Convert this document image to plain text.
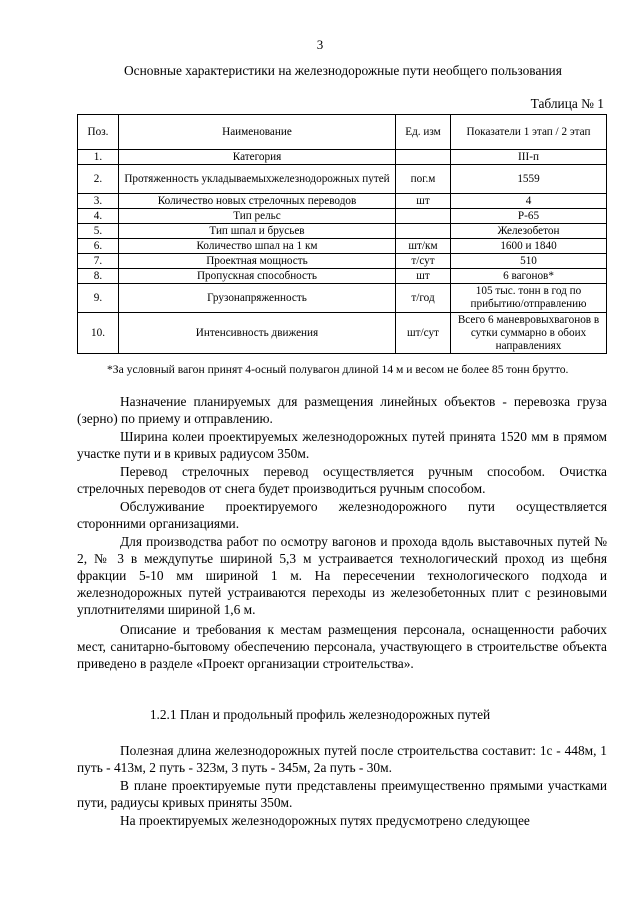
3

Основные характеристики на железнодорожные пути необщего пользования

Таблица № 1
Поз.	Наименование	Ед. изм	Показатели 1 этап / 2 этап
1.	Категория		III-п
2.	Протяженность укладываемыхжелезнодорожных путей	пог.м	1559
3.	Количество новых стрелочных переводов	шт	4
4.	Тип рельс		Р-65
5.	Тип шпал и брусьев		Железобетон
6.	Количество шпал на 1 км	шт/км	1600 и 1840
7.	Проектная мощность	т/сут	510
8.	Пропускная способность	шт	6 вагонов*
9.	Грузонапряженность	т/год	105 тыс. тонн в год по прибытию/отправлению
10.	Интенсивность движения	шт/сут	Всего 6 маневровыхвагонов в сутки суммарно в обоих направлениях

*За условный вагон принят 4-осный полувагон длиной 14 м и весом не более 85 тонн брутто.

Назначение планируемых для размещения линейных объектов - перевозка груза (зерно) по приему и отправлению.

Ширина колеи проектируемых железнодорожных путей принята 1520 мм в прямом участке пути и в кривых радиусом 350м.

Перевод стрелочных перевод осуществляется ручным способом. Очистка стрелочных переводов от снега будет производиться ручным способом.

Обслуживание проектируемого железнодорожного пути осуществляется сторонними организациями.

Для производства работ по осмотру вагонов и прохода вдоль выставочных путей № 2, № 3 в междупутье шириной 5,3 м устраивается технологический проход из щебня фракции 5-10 мм шириной 1 м. На пересечении технологического подхода и железнодорожных путей устраиваются переходы из железобетонных плит с резиновыми уплотнителями шириной 1,6 м.

Описание и требования к местам размещения персонала, оснащенности рабочих мест, санитарно-бытовому обеспечению персонала, участвующего в строительстве объекта приведено в разделе «Проект организации строительства».

1.2.1 План и продольный профиль железнодорожных путей

Полезная длина железнодорожных путей после строительства составит: 1с - 448м, 1 путь - 413м, 2 путь - 323м, 3 путь - 345м, 2а путь - 30м.

В плане проектируемые пути представлены преимущественно прямыми участками пути, радиусы кривых приняты 350м.

На проектируемых железнодорожных путях предусмотрено следующее
